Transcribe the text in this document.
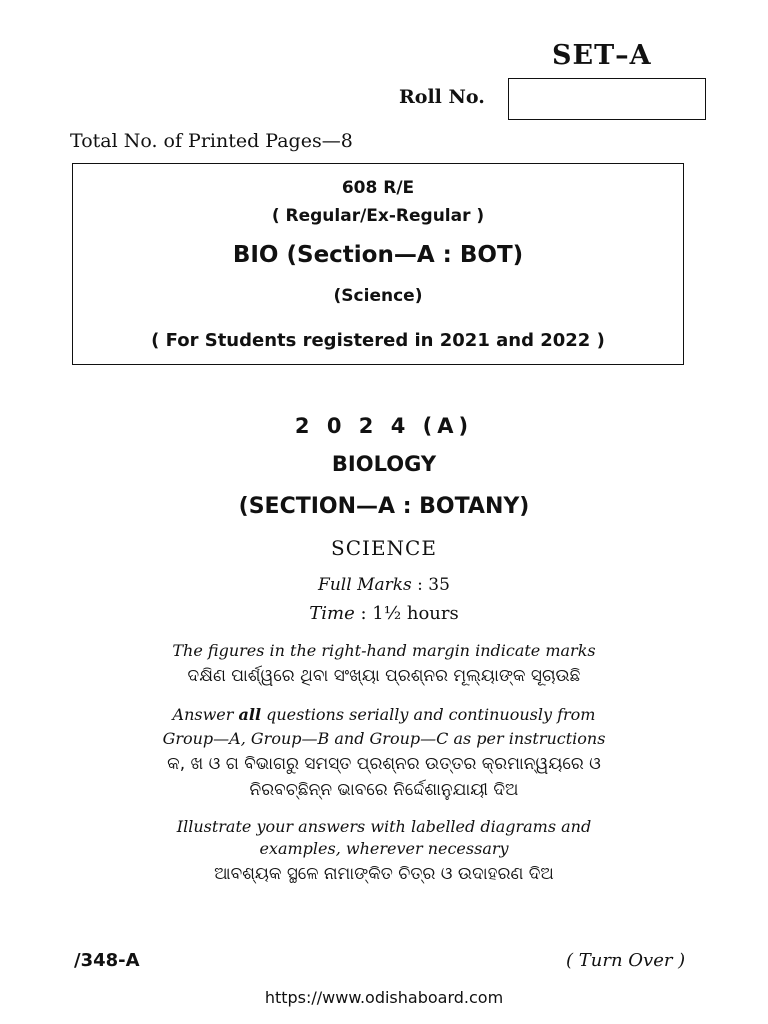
SET–A
Roll No.
Total No. of Printed Pages—8
608 R/E
( Regular/Ex-Regular )
BIO (Section—A : BOT)
(Science)
( For Students registered in 2021 and 2022 )
2 0 2 4 (A)
BIOLOGY
(SECTION—A : BOTANY)
SCIENCE
Full Marks : 35
Time : 1½ hours
The figures in the right-hand margin indicate marks
ଦକ୍ଷିଣ ପାର୍ଶ୍ୱରେ ଥିବା ସଂଖ୍ୟା ପ୍ରଶ୍ନର ମୂଲ୍ୟାଙ୍କ ସୂଚାଉଛି
Answer all questions serially and continuously from
Group—A, Group—B and Group—C as per instructions
କ, ଖ ଓ ଗ ବିଭାଗରୁ ସମସ୍ତ ପ୍ରଶ୍ନର ଉତ୍ତର କ୍ରମାନ୍ୱୟରେ ଓ
ନିରବଚ୍ଛିନ୍ନ ଭାବରେ ନିର୍ଦ୍ଦେଶାନୁଯାୟୀ ଦିଅ
Illustrate your answers with labelled diagrams and
examples, wherever necessary
ଆବଶ୍ୟକ ସ୍ଥଳେ ନାମାଙ୍କିତ ଚିତ୍ର ଓ ଉଦାହରଣ ଦିଅ
/348-A	( Turn Over )
https://www.odishaboard.com
